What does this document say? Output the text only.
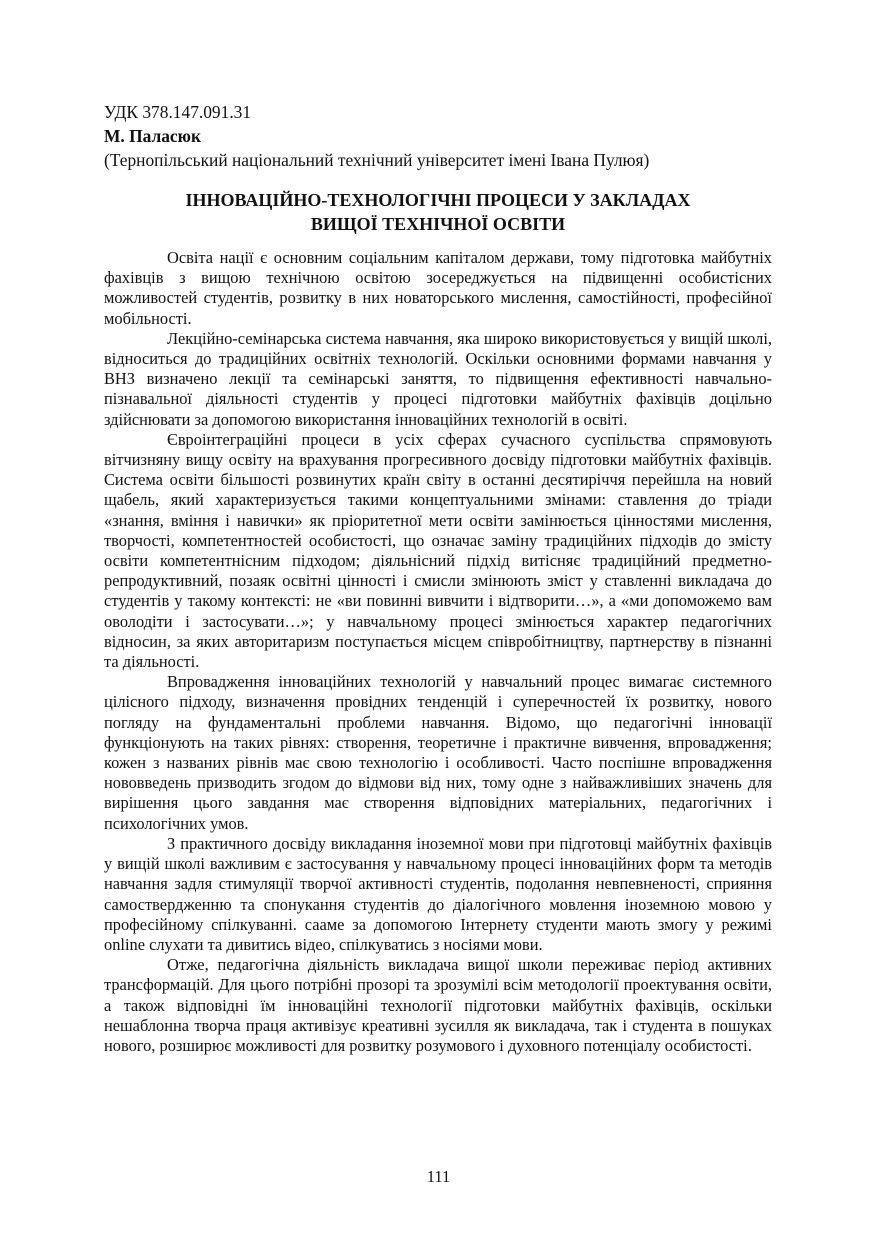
УДК 378.147.091.31

М. Паласюк

(Тернопільський національний технічний університет імені Івана Пулюя)

ІННОВАЦІЙНО-ТЕХНОЛОГІЧНІ ПРОЦЕСИ У ЗАКЛАДАХ
ВИЩОЇ ТЕХНІЧНОЇ ОСВІТИ

Освіта нації є основним соціальним капіталом держави, тому підготовка майбутніх фахівців з вищою технічною освітою зосереджується на підвищенні особистісних можливостей студентів, розвитку в них новаторського мислення, самостійності, професійної мобільності.

Лекційно-семінарська система навчання, яка широко використовується у вищій школі, відноситься до традиційних освітніх технологій. Оскільки основними формами навчання у ВНЗ визначено лекції та семінарські заняття, то підвищення ефективності навчально-пізнавальної діяльності студентів у процесі підготовки майбутніх фахівців доцільно здійснювати за допомогою використання інноваційних технологій в освіті.

Євроінтеграційні процеси в усіх сферах сучасного суспільства спрямовують вітчизняну вищу освіту на врахування прогресивного досвіду підготовки майбутніх фахівців. Система освіти більшості розвинутих країн світу в останні десятиріччя перейшла на новий щабель, який характеризується такими концептуальними змінами: ставлення до тріади «знання, вміння і навички» як пріоритетної мети освіти замінюється цінностями мислення, творчості, компетентностей особистості, що означає заміну традиційних підходів до змісту освіти компетентнісним підходом; діяльнісний підхід витісняє традиційний предметно-репродуктивний, позаяк освітні цінності і смисли змінюють зміст у ставленні викладача до студентів у такому контексті: не «ви повинні вивчити і відтворити…», а «ми допоможемо вам оволодіти і застосувати…»; у навчальному процесі змінюється характер педагогічних відносин, за яких авторитаризм поступається місцем співробітництву, партнерству в пізнанні та діяльності.

Впровадження інноваційних технологій у навчальний процес вимагає системного цілісного підходу, визначення провідних тенденцій і суперечностей їх розвитку, нового погляду на фундаментальні проблеми навчання. Відомо, що педагогічні інновації функціонують на таких рівнях: створення, теоретичне і практичне вивчення, впровадження; кожен з названих рівнів має свою технологію і особливості. Часто поспішне впровадження нововведень призводить згодом до відмови від них, тому одне з найважливіших значень для вирішення цього завдання має створення відповідних матеріальних, педагогічних і психологічних умов.

З практичного досвіду викладання іноземної мови при підготовці майбутніх фахівців у вищій школі важливим є застосування у навчальному процесі інноваційних форм та методів навчання задля стимуляції творчої активності студентів, подолання невпевненості, сприяння самоствердженню та спонукання студентів до діалогічного мовлення іноземною мовою у професійному спілкуванні. сааме за допомогою Інтернету студенти мають змогу у режимі online слухати та дивитись відео, спілкуватись з носіями мови.

Отже, педагогічна діяльність викладача вищої школи переживає період активних трансформацій. Для цього потрібні прозорі та зрозумілі всім методології проектування освіти, а також відповідні їм інноваційні технології підготовки майбутніх фахівців, оскільки нешаблонна творча праця активізує креативні зусилля як викладача, так і студента в пошуках нового, розширює можливості для розвитку розумового і духовного потенціалу особистості.

111
